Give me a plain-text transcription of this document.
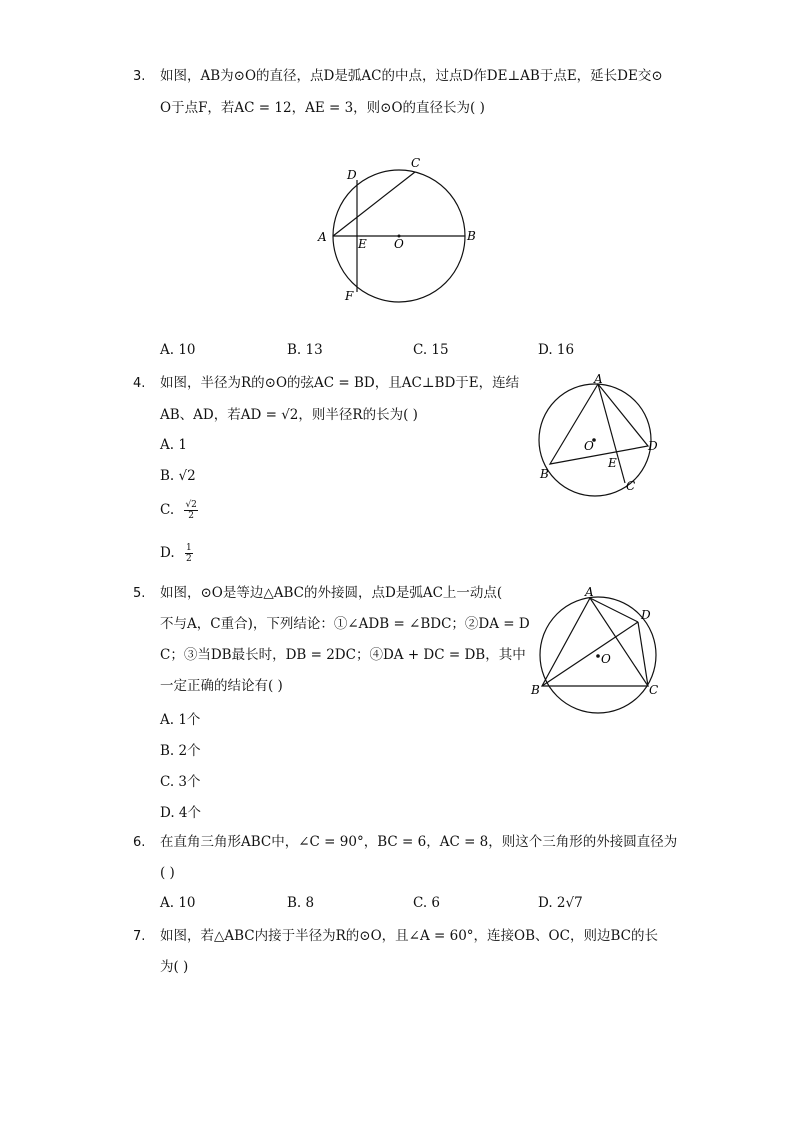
3. 如图，AB为⊙O的直径，点D是弧AC的中点，过点D作DE⊥AB于点E，延长DE交⊙
O于点F，若AC = 12，AE = 3，则⊙O的直径长为( )
A	B
C
D
E
F
O
A. 10	B. 13	C. 15	D. 16
4. 如图，半径为R的⊙O的弦AC = BD，且AC⊥BD于E，连结
AB、AD，若AD = √2，则半径R的长为( )
A
B
C
D
E
O
A. 1
B. √2
C. $\frac{√2}{2}$
D. $\frac{1}{2}$
5. 如图，⊙O是等边△ABC的外接圆，点D是弧AC上一动点(
不与A，C重合)，下列结论：①∠ADB = ∠BDC；②DA = D
C；③当DB最长时，DB = 2DC；④DA + DC = DB，其中
一定正确的结论有( )
A
B	C
D
O
A. 1个
B. 2个
C. 3个
D. 4个
6. 在直角三角形ABC中，∠C = 90°，BC = 6，AC = 8，则这个三角形的外接圆直径为
( )
A. 10	B. 8	C. 6	D. 2√7
7. 如图，若△ABC内接于半径为R的⊙O，且∠A = 60°，连接OB、OC，则边BC的长
为( )
